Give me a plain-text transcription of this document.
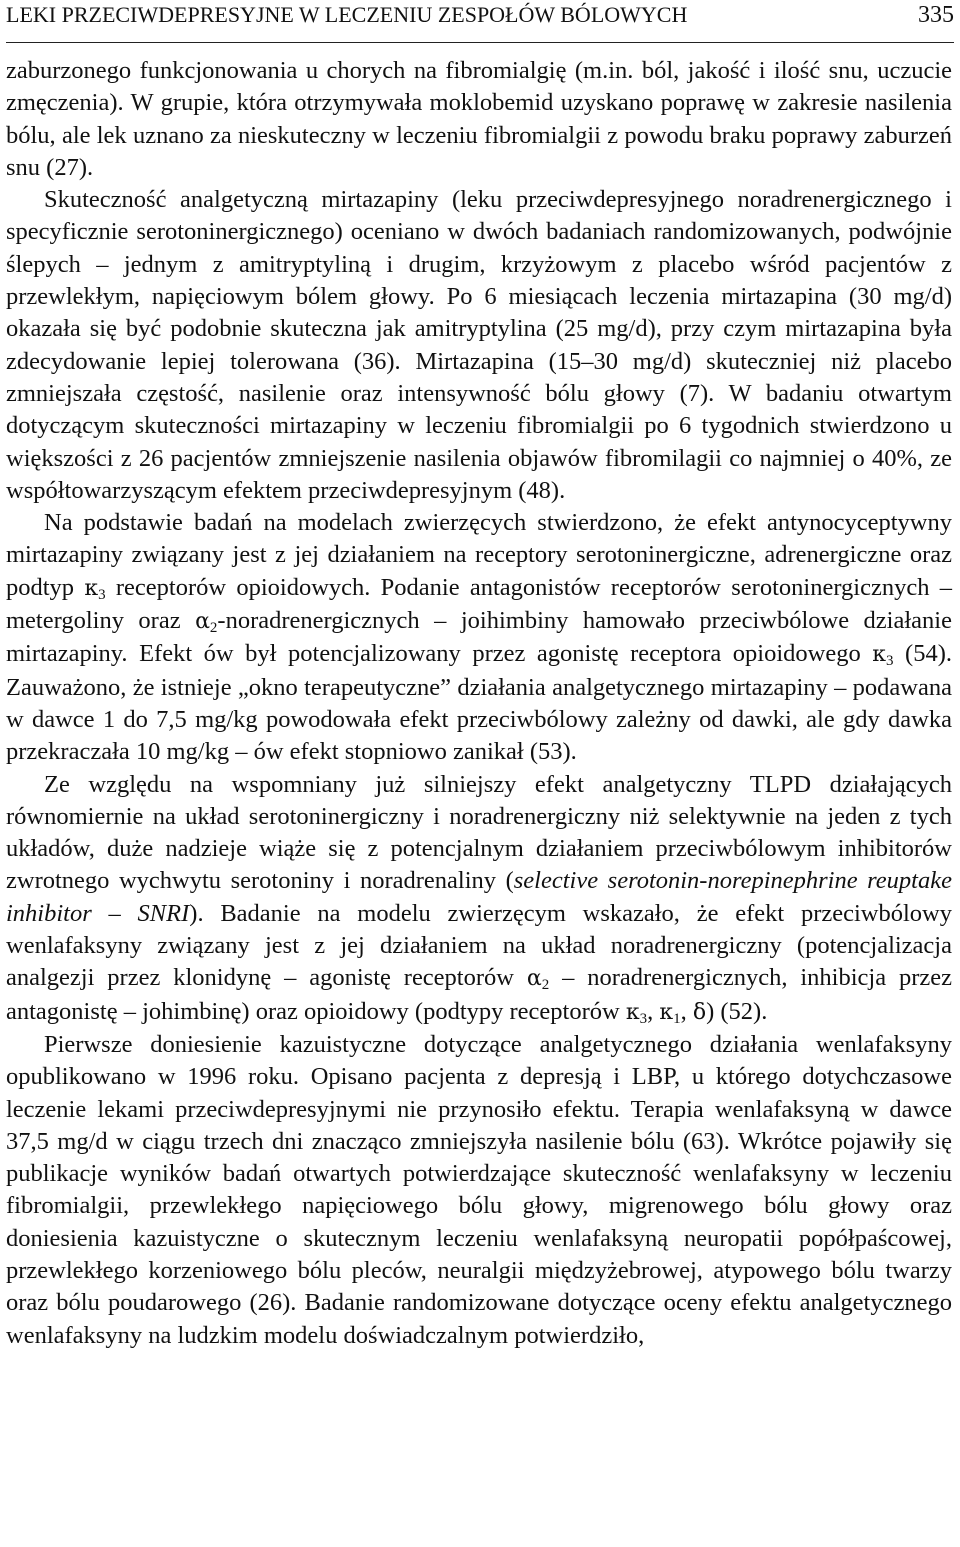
LEKI PRZECIWDEPRESYJNE W LECZENIU ZESPOŁÓW BÓLOWYCH	335

zaburzonego funkcjonowania u chorych na fibromialgię (m.in. ból, jakość i ilość snu, uczucie zmęczenia). W grupie, która otrzymywała moklobemid uzyskano poprawę w zakresie nasilenia bólu, ale lek uznano za nieskuteczny w leczeniu fibromialgii z powodu braku poprawy zaburzeń snu (27).

Skuteczność analgetyczną mirtazapiny (leku przeciwdepresyjnego noradrenergicznego i specyficznie serotoninergicznego) oceniano w dwóch badaniach randomizowanych, podwójnie ślepych – jednym z amitryptyliną i drugim, krzyżowym z placebo wśród pacjentów z przewlekłym, napięciowym bólem głowy. Po 6 miesiącach leczenia mirtazapina (30 mg/d) okazała się być podobnie skuteczna jak amitryptylina (25 mg/d), przy czym mirtazapina była zdecydowanie lepiej tolerowana (36). Mirtazapina (15–30 mg/d) skuteczniej niż placebo zmniejszała częstość, nasilenie oraz intensywność bólu głowy (7). W badaniu otwartym dotyczącym skuteczności mirtazapiny w leczeniu fibromialgii po 6 tygodnich stwierdzono u większości z 26 pacjentów zmniejszenie nasilenia objawów fibromilagii co najmniej o 40%, ze współtowarzyszącym efektem przeciwdepresyjnym (48).

Na podstawie badań na modelach zwierzęcych stwierdzono, że efekt antynocyceptywny mirtazapiny związany jest z jej działaniem na receptory serotoninergiczne, adrenergiczne oraz podtyp $\kappa_3$ receptorów opioidowych. Podanie antagonistów receptorów serotoninergicznych – metergoliny oraz $\alpha_2$-noradrenergicznych – joihimbiny hamowało przeciwbólowe działanie mirtazapiny. Efekt ów był potencjalizowany przez agonistę receptora opioidowego $\kappa_3$ (54). Zauważono, że istnieje „okno terapeutyczne” działania analgetycznego mirtazapiny – podawana w dawce 1 do 7,5 mg/kg powodowała efekt przeciwbólowy zależny od dawki, ale gdy dawka przekraczała 10 mg/kg – ów efekt stopniowo zanikał (53).

Ze względu na wspomniany już silniejszy efekt analgetyczny TLPD działających równomiernie na układ serotoninergiczny i noradrenergiczny niż selektywnie na jeden z tych układów, duże nadzieje wiąże się z potencjalnym działaniem przeciwbólowym inhibitorów zwrotnego wychwytu serotoniny i noradrenaliny (selective serotonin-norepinephrine reuptake inhibitor – SNRI). Badanie na modelu zwierzęcym wskazało, że efekt przeciwbólowy wenlafaksyny związany jest z jej działaniem na układ noradrenergiczny (potencjalizacja analgezji przez klonidynę – agonistę receptorów $\alpha_2$ – noradrenergicznych, inhibicja przez antagonistę – johimbinę) oraz opioidowy (podtypy receptorów $\kappa_3$, $\kappa_1$, δ) (52).

Pierwsze doniesienie kazuistyczne dotyczące analgetycznego działania wenlafaksyny opublikowano w 1996 roku. Opisano pacjenta z depresją i LBP, u którego dotychczasowe leczenie lekami przeciwdepresyjnymi nie przynosiło efektu. Terapia wenlafaksyną w dawce 37,5 mg/d w ciągu trzech dni znacząco zmniejszyła nasilenie bólu (63). Wkrótce pojawiły się publikacje wyników badań otwartych potwierdzające skuteczność wenlafaksyny w leczeniu fibromialgii, przewlekłego napięciowego bólu głowy, migrenowego bólu głowy oraz doniesienia kazuistyczne o skutecznym leczeniu wenlafaksyną neuropatii popółpaścowej, przewlekłego korzeniowego bólu pleców, neuralgii międzyżebrowej, atypowego bólu twarzy oraz bólu poudarowego (26). Badanie randomizowane dotyczące oceny efektu analgetycznego wenlafaksyny na ludzkim modelu doświadczalnym potwierdziło,
